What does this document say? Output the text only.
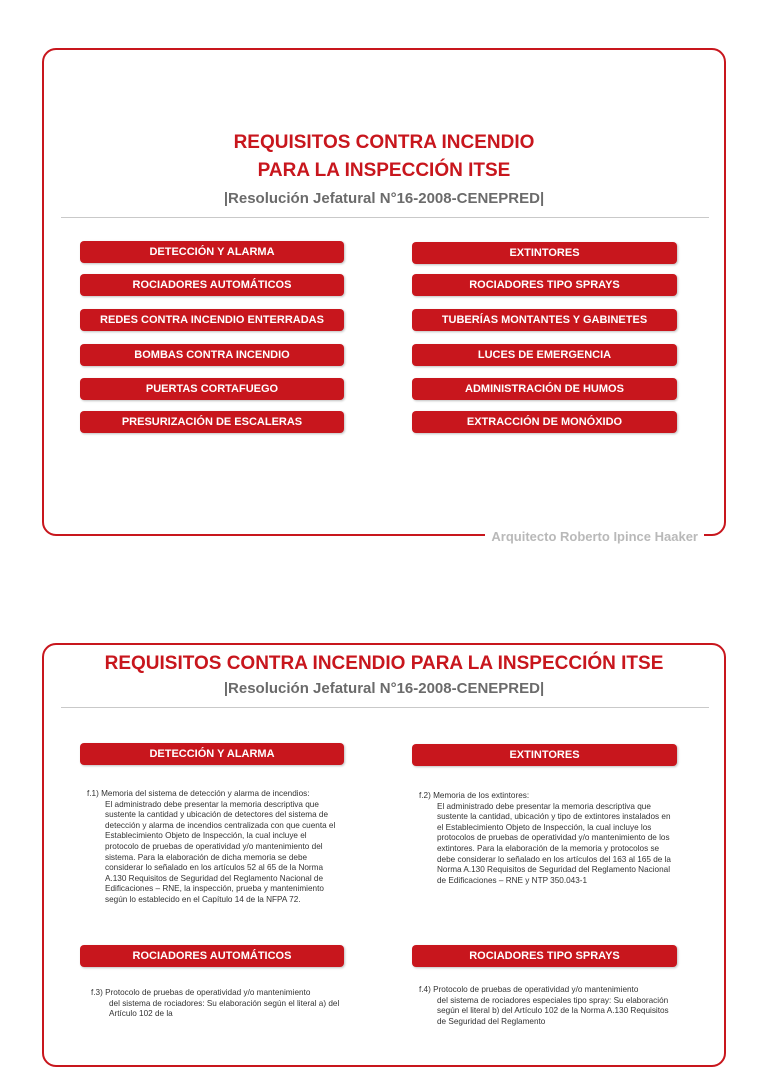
REQUISITOS CONTRA INCENDIO
PARA LA INSPECCIÓN ITSE
|Resolución Jefatural N°16-2008-CENEPRED|
DETECCIÓN Y ALARMA
ROCIADORES AUTOMÁTICOS
REDES CONTRA INCENDIO ENTERRADAS
BOMBAS CONTRA INCENDIO
PUERTAS CORTAFUEGO
PRESURIZACIÓN DE ESCALERAS
EXTINTORES
ROCIADORES TIPO SPRAYS
TUBERÍAS MONTANTES Y GABINETES
LUCES DE EMERGENCIA
ADMINISTRACIÓN DE HUMOS
EXTRACCIÓN DE MONÓXIDO
Arquitecto Roberto Ipince Haaker
REQUISITOS CONTRA INCENDIO PARA LA INSPECCIÓN ITSE
|Resolución Jefatural N°16-2008-CENEPRED|
DETECCIÓN Y ALARMA	EXTINTORES
f.1) Memoria del sistema de detección y alarma de incendios:
El administrado debe presentar la memoria descriptiva que sustente la cantidad y ubicación de detectores del sistema de detección y alarma de incendios centralizada con que cuenta el Establecimiento Objeto de Inspección, la cual incluye el protocolo de pruebas de operatividad y/o mantenimiento del sistema. Para la elaboración de dicha memoria se debe considerar lo señalado en los artículos 52 al 65 de la Norma A.130 Requisitos de Seguridad del Reglamento Nacional de Edificaciones – RNE, la inspección, prueba y mantenimiento según lo establecido en el Capítulo 14 de la NFPA 72.
f.2) Memoria de los extintores:
El administrado debe presentar la memoria descriptiva que sustente la cantidad, ubicación y tipo de extintores instalados en el Establecimiento Objeto de Inspección, la cual incluye los protocolos de pruebas de operatividad y/o mantenimiento de los extintores. Para la elaboración de la memoria y protocolos se debe considerar lo señalado en los artículos del 163 al 165 de la Norma A.130 Requisitos de Seguridad del Reglamento Nacional de Edificaciones – RNE y NTP 350.043-1
ROCIADORES AUTOMÁTICOS	ROCIADORES TIPO SPRAYS
f.3) Protocolo de pruebas de operatividad y/o mantenimiento
del sistema de rociadores: Su elaboración según el literal a) del Artículo 102 de la
f.4) Protocolo de pruebas de operatividad y/o mantenimiento
del sistema de rociadores especiales tipo spray: Su elaboración según el literal b) del Artículo 102 de la Norma A.130 Requisitos de Seguridad del Reglamento
